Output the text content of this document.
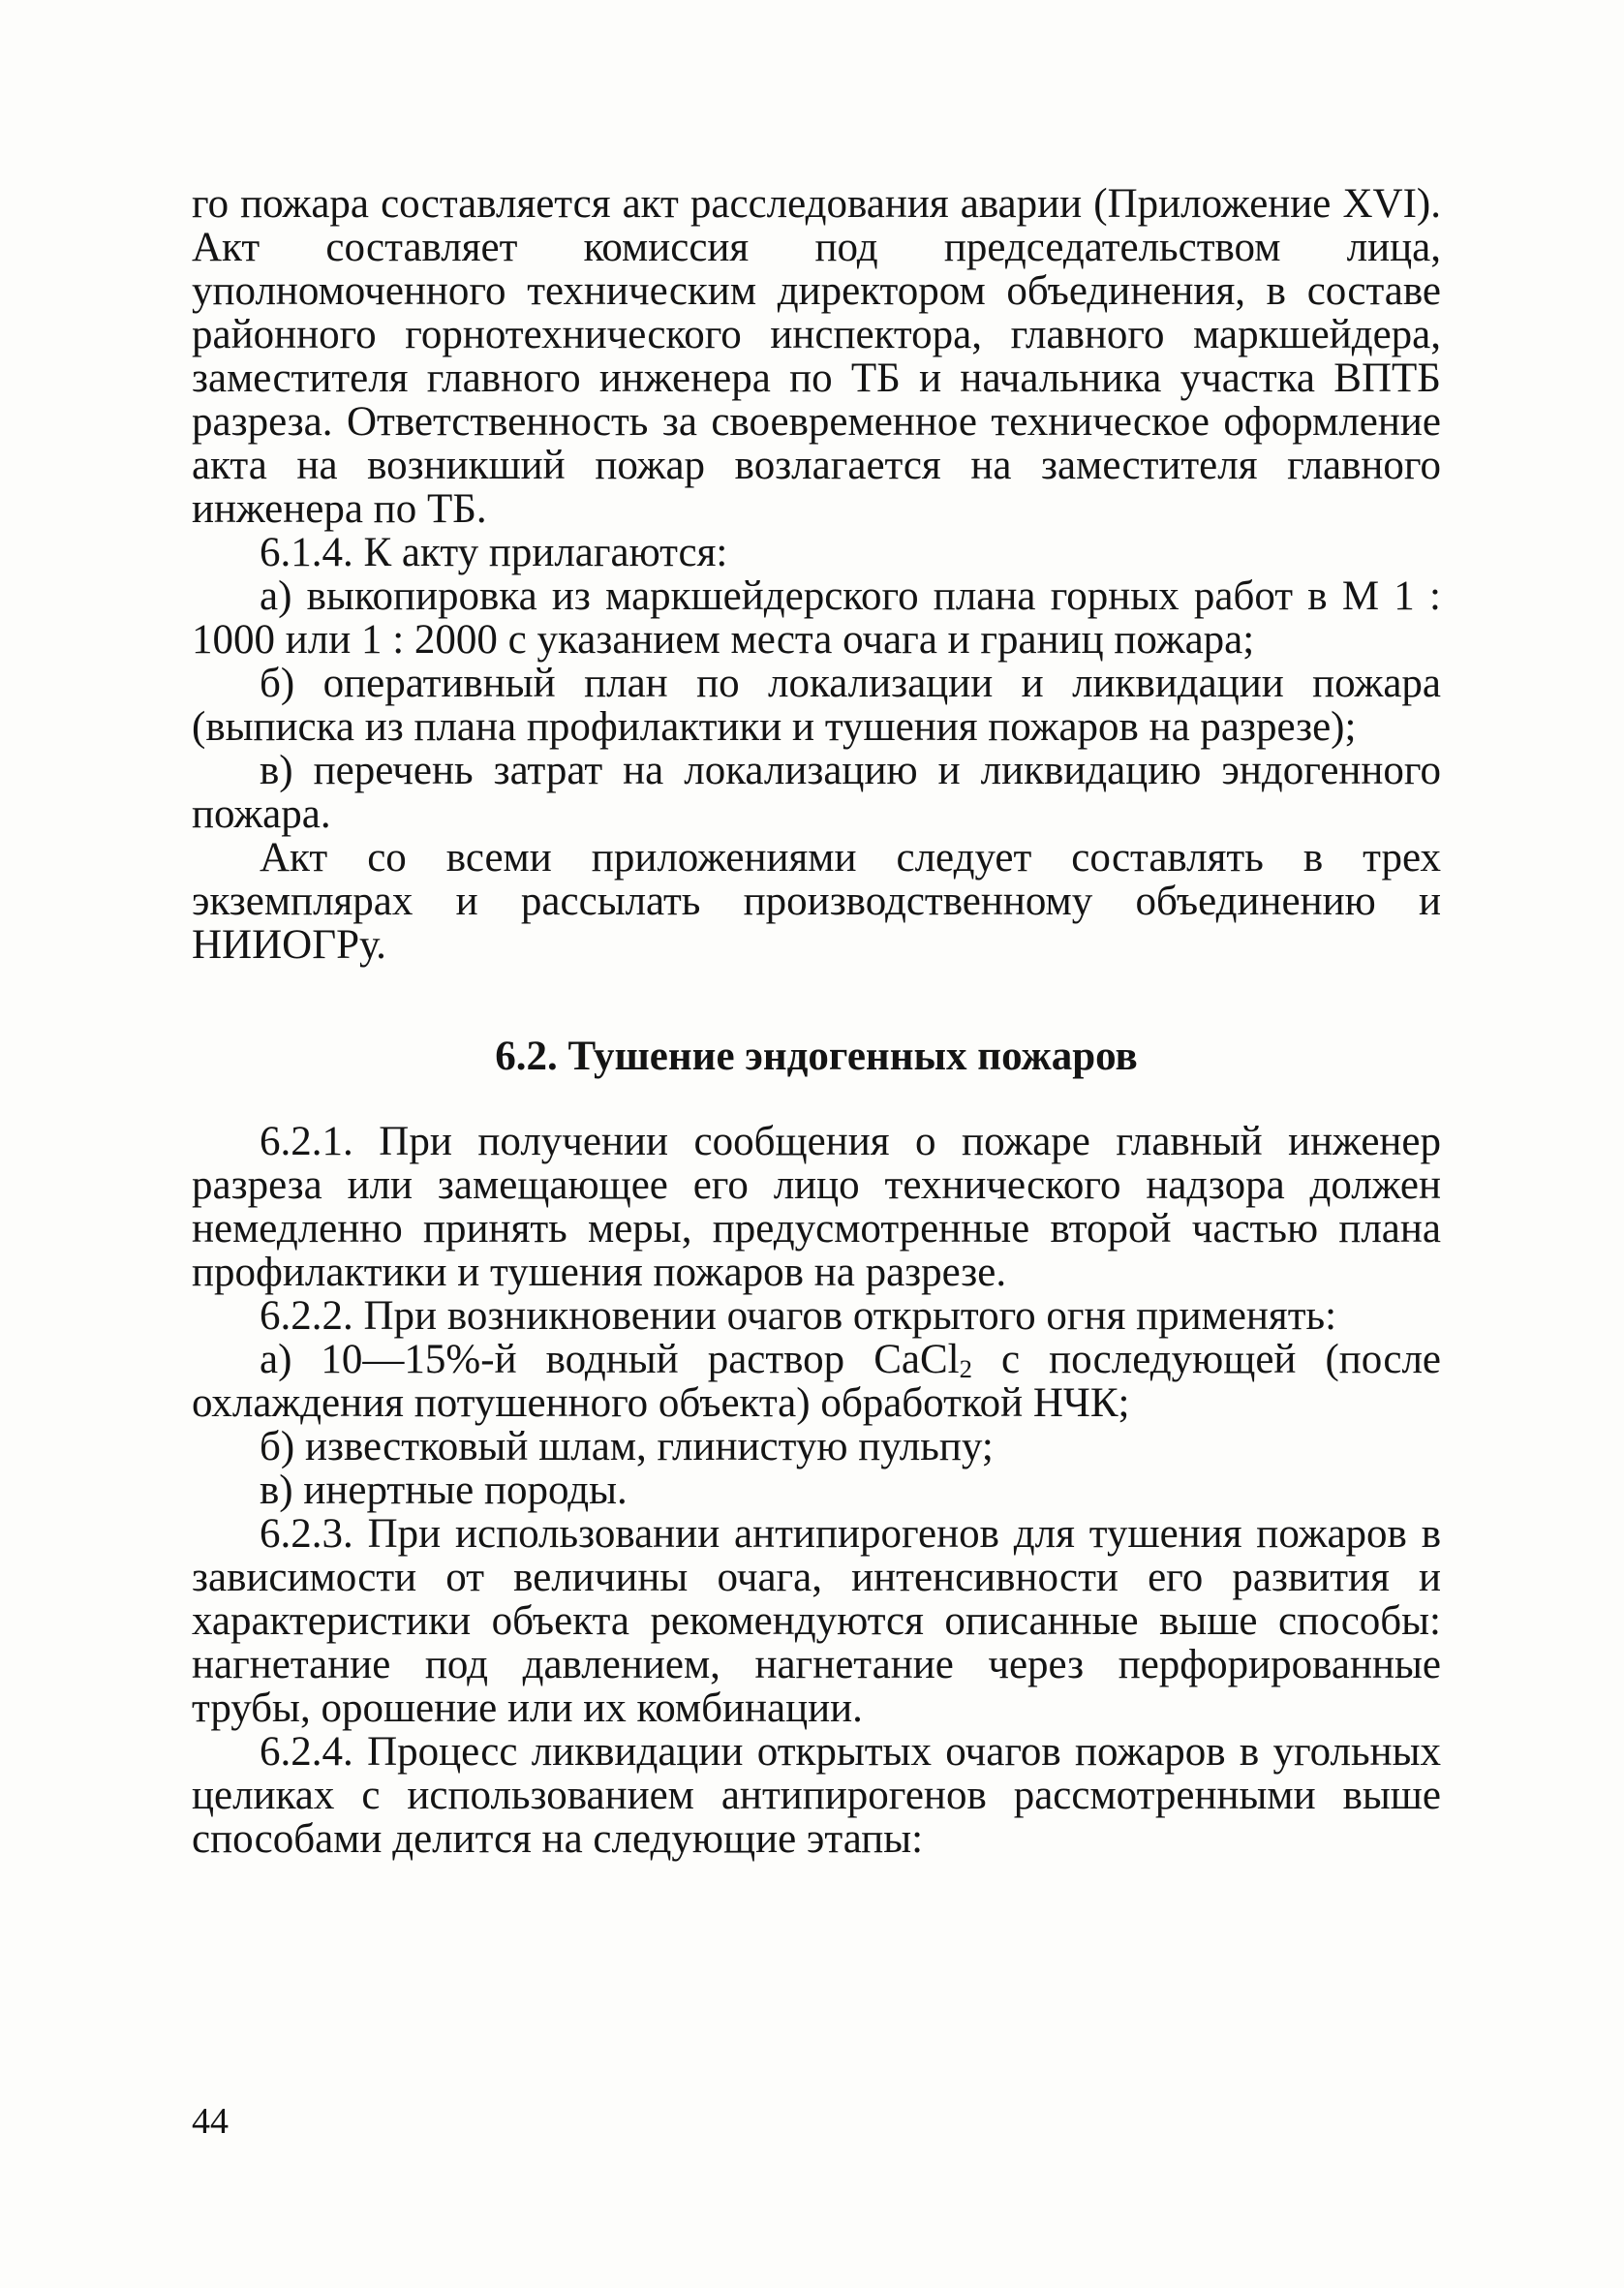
го пожара составляется акт расследования аварии (Приложение XVI). Акт составляет комиссия под председательством лица, уполномоченного техническим директором объединения, в составе районного горнотехнического инспектора, главного маркшейдера, заместителя главного инженера по ТБ и начальника участка ВПТБ разреза. Ответственность за своевременное техническое оформление акта на возникший пожар возлагается на заместителя главного инженера по ТБ.

6.1.4. К акту прилагаются:

а) выкопировка из маркшейдерского плана горных работ в М 1 : 1000 или 1 : 2000 с указанием места очага и границ пожара;

б) оперативный план по локализации и ликвидации пожара (выписка из плана профилактики и тушения пожаров на разрезе);

в) перечень затрат на локализацию и ликвидацию эндогенного пожара.

Акт со всеми приложениями следует составлять в трех экземплярах и рассылать производственному объединению и НИИОГРу.

6.2. Тушение эндогенных пожаров

6.2.1. При получении сообщения о пожаре главный инженер разреза или замещающее его лицо технического надзора должен немедленно принять меры, предусмотренные второй частью плана профилактики и тушения пожаров на разрезе.

6.2.2. При возникновении очагов открытого огня применять:

а) 10—15%-й водный раствор CaCl$_2$ с последующей (после охлаждения потушенного объекта) обработкой НЧК;

б) известковый шлам, глинистую пульпу;

в) инертные породы.

6.2.3. При использовании антипирогенов для тушения пожаров в зависимости от величины очага, интенсивности его развития и характеристики объекта рекомендуются описанные выше способы: нагнетание под давлением, нагнетание через перфорированные трубы, орошение или их комбинации.

6.2.4. Процесс ликвидации открытых очагов пожаров в угольных целиках с использованием антипирогенов рассмотренными выше способами делится на следующие этапы:

44
